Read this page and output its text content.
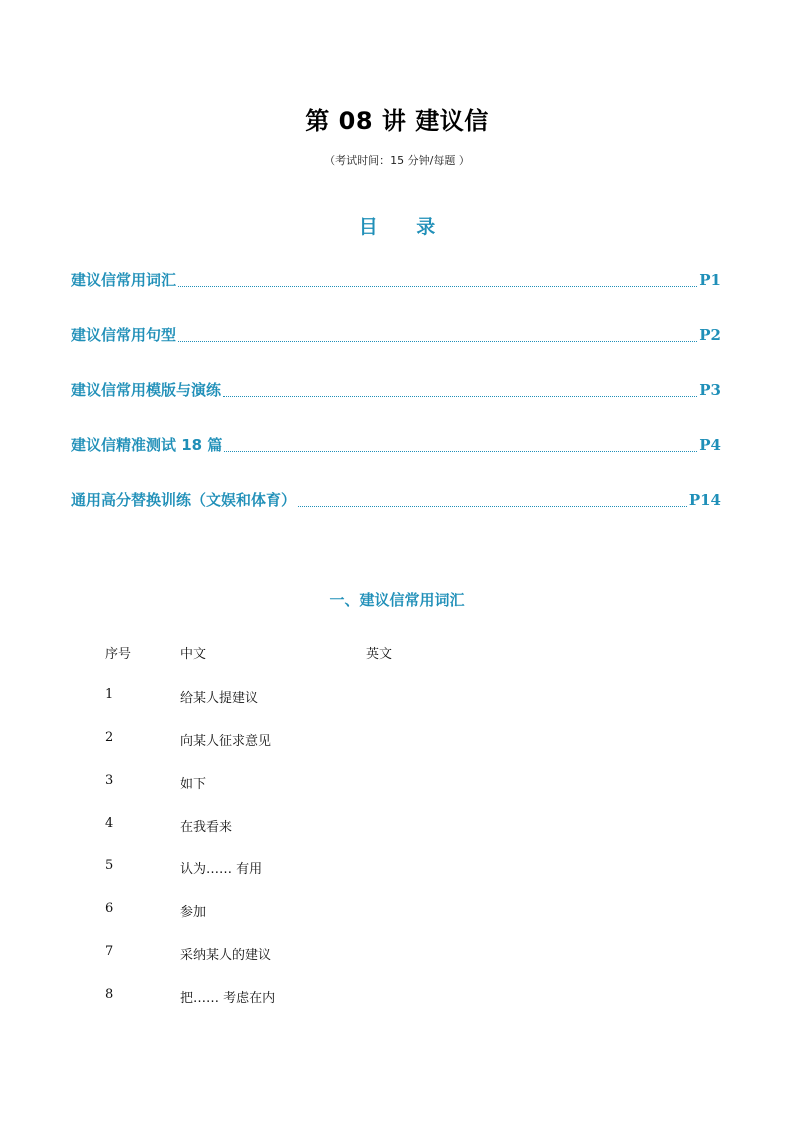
第 08 讲 建议信
（考试时间：15 分钟/每题 ）
目 录
建议信常用词汇	P1
建议信常用句型	P2
建议信常用模版与演练	P3
建议信精准测试 18 篇	P4
通用高分替换训练（文娱和体育）	P14
一、建议信常用词汇
序号	中文	英文
1	给某人提建议
2	向某人征求意见
3	如下
4	在我看来
5	认为…… 有用
6	参加
7	采纳某人的建议
8	把…… 考虑在内
